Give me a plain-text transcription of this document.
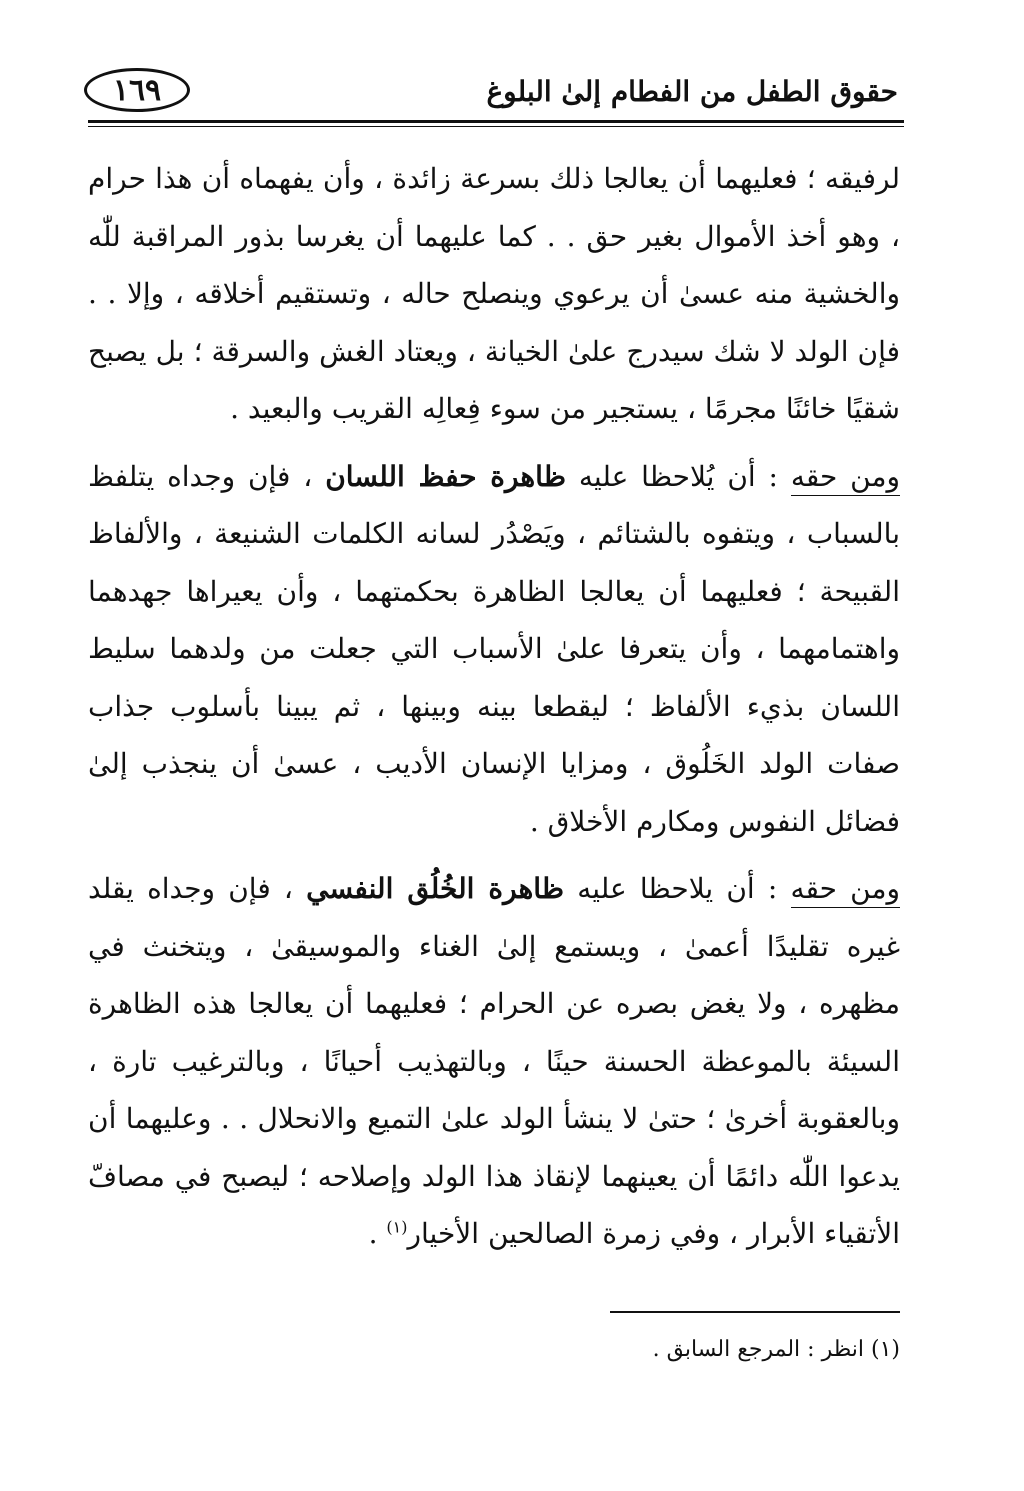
١٦٩	حقوق الطفل من الفطام إلىٰ البلوغ

لرفيقه ؛ فعليهما أن يعالجا ذلك بسرعة زائدة ، وأن يفهماه أن هذا حرام ، وهو أخذ الأموال بغير حق . . كما عليهما أن يغرسا بذور المراقبة للّٰه والخشية منه عسىٰ أن يرعوي وينصلح حاله ، وتستقيم أخلاقه ، وإلا . . فإن الولد لا شك سيدرج علىٰ الخيانة ، ويعتاد الغش والسرقة ؛ بل يصبح شقيًا خائنًا مجرمًا ، يستجير من سوء فِعالِه القريب والبعيد .

ومن حقه : أن يُلاحظا عليه ظاهرة حفظ اللسان ، فإن وجداه يتلفظ بالسباب ، ويتفوه بالشتائم ، ويَصْدُر لسانه الكلمات الشنيعة ، والألفاظ القبيحة ؛ فعليهما أن يعالجا الظاهرة بحكمتهما ، وأن يعيراها جهدهما واهتمامهما ، وأن يتعرفا علىٰ الأسباب التي جعلت من ولدهما سليط اللسان بذيء الألفاظ ؛ ليقطعا بينه وبينها ، ثم يبينا بأسلوب جذاب صفات الولد الخَلُوق ، ومزايا الإنسان الأديب ، عسىٰ أن ينجذب إلىٰ فضائل النفوس ومكارم الأخلاق .

ومن حقه : أن يلاحظا عليه ظاهرة الخُلُق النفسي ، فإن وجداه يقلد غيره تقليدًا أعمىٰ ، ويستمع إلىٰ الغناء والموسيقىٰ ، ويتخنث في مظهره ، ولا يغض بصره عن الحرام ؛ فعليهما أن يعالجا هذه الظاهرة السيئة بالموعظة الحسنة حينًا ، وبالتهذيب أحيانًا ، وبالترغيب تارة ، وبالعقوبة أخرىٰ ؛ حتىٰ لا ينشأ الولد علىٰ التميع والانحلال . . وعليهما أن يدعوا اللّٰه دائمًا أن يعينهما لإنقاذ هذا الولد وإصلاحه ؛ ليصبح في مصافّ الأتقياء الأبرار ، وفي زمرة الصالحين الأخيار$^{(١)}$ .

(١) انظر : المرجع السابق .
